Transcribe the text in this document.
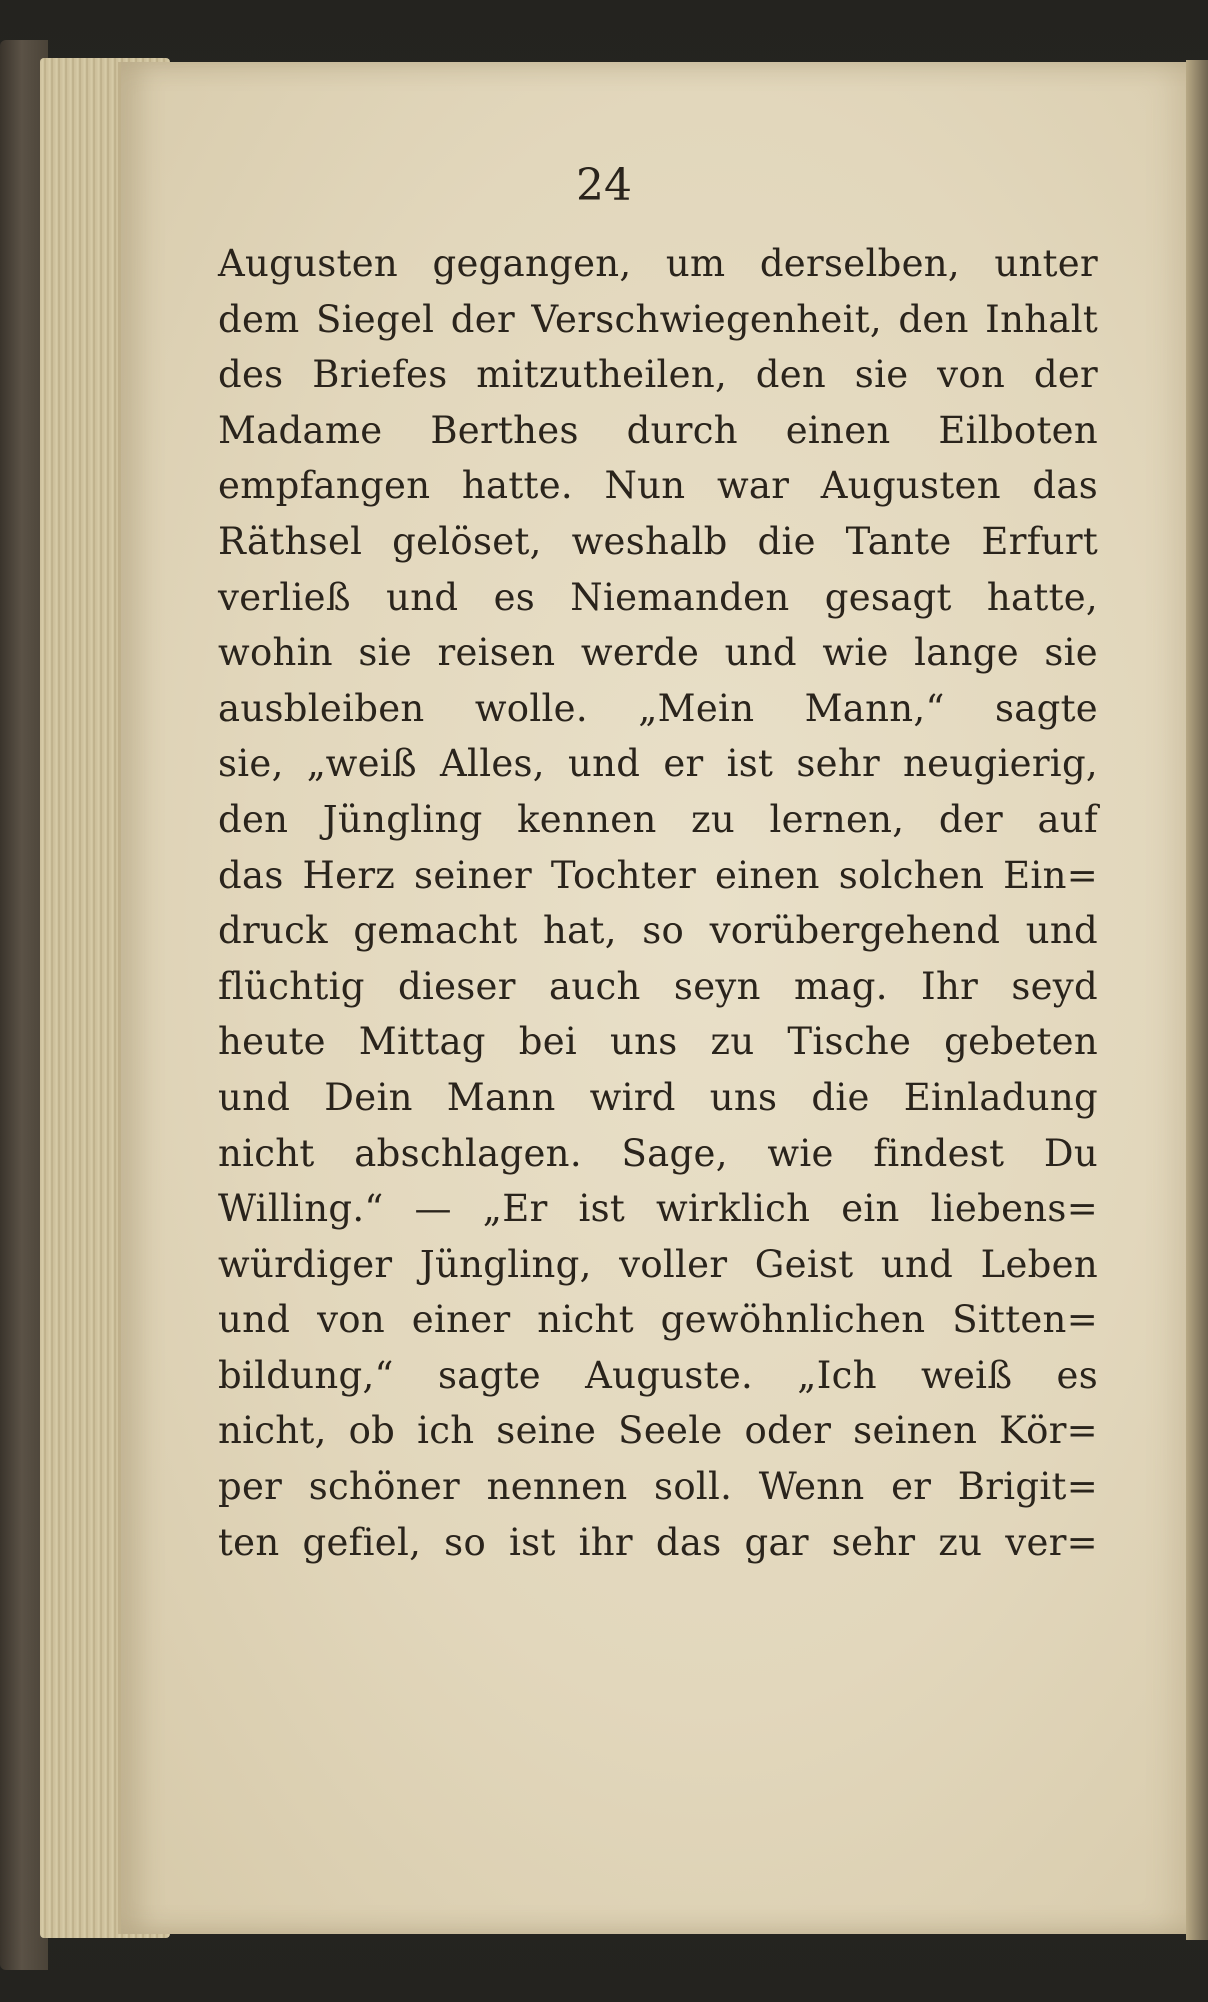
24
Augusten gegangen, um derselben, unter
dem Siegel der Verschwiegenheit, den Inhalt
des Briefes mitzutheilen, den sie von der
Madame Berthes durch einen Eilboten
empfangen hatte. Nun war Augusten das
Räthsel gelöset, weshalb die Tante Erfurt
verließ und es Niemanden gesagt hatte,
wohin sie reisen werde und wie lange sie
ausbleiben wolle. „Mein Mann,“ sagte
sie, „weiß Alles, und er ist sehr neugierig,
den Jüngling kennen zu lernen, der auf
das Herz seiner Tochter einen solchen Ein=
druck gemacht hat, so vorübergehend und
flüchtig dieser auch seyn mag. Ihr seyd
heute Mittag bei uns zu Tische gebeten
und Dein Mann wird uns die Einladung
nicht abschlagen. Sage, wie findest Du
Willing.“ — „Er ist wirklich ein liebens=
würdiger Jüngling, voller Geist und Leben
und von einer nicht gewöhnlichen Sitten=
bildung,“ sagte Auguste. „Ich weiß es
nicht, ob ich seine Seele oder seinen Kör=
per schöner nennen soll. Wenn er Brigit=
ten gefiel, so ist ihr das gar sehr zu ver=
